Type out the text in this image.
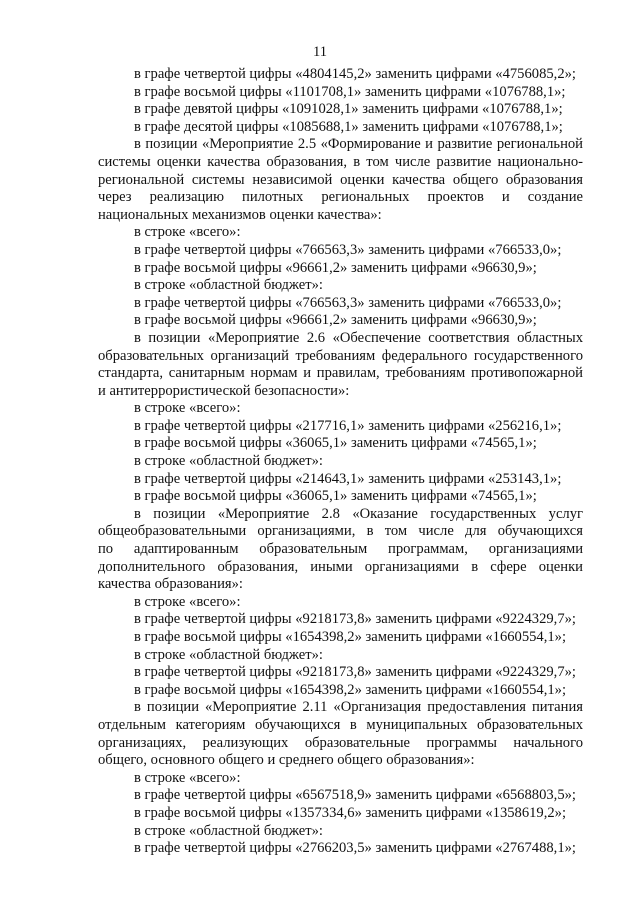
11
в графе четвертой цифры «4804145,2» заменить цифрами «4756085,2»;
в графе восьмой цифры «1101708,1» заменить цифрами «1076788,1»;
в графе девятой цифры «1091028,1» заменить цифрами «1076788,1»;
в графе десятой цифры «1085688,1» заменить цифрами «1076788,1»;
в позиции «Мероприятие 2.5 «Формирование и развитие региональной
системы оценки качества образования, в том числе развитие национально-
региональной системы независимой оценки качества общего образования
через реализацию пилотных региональных проектов и создание
национальных механизмов оценки качества»:
в строке «всего»:
в графе четвертой цифры «766563,3» заменить цифрами «766533,0»;
в графе восьмой цифры «96661,2» заменить цифрами «96630,9»;
в строке «областной бюджет»:
в графе четвертой цифры «766563,3» заменить цифрами «766533,0»;
в графе восьмой цифры «96661,2» заменить цифрами «96630,9»;
в позиции «Мероприятие 2.6 «Обеспечение соответствия областных
образовательных организаций требованиям федерального государственного
стандарта, санитарным нормам и правилам, требованиям противопожарной
и антитеррористической безопасности»:
в строке «всего»:
в графе четвертой цифры «217716,1» заменить цифрами «256216,1»;
в графе восьмой цифры «36065,1» заменить цифрами «74565,1»;
в строке «областной бюджет»:
в графе четвертой цифры «214643,1» заменить цифрами «253143,1»;
в графе восьмой цифры «36065,1» заменить цифрами «74565,1»;
в позиции «Мероприятие 2.8 «Оказание государственных услуг
общеобразовательными организациями, в том числе для обучающихся
по адаптированным образовательным программам, организациями
дополнительного образования, иными организациями в сфере оценки
качества образования»:
в строке «всего»:
в графе четвертой цифры «9218173,8» заменить цифрами «9224329,7»;
в графе восьмой цифры «1654398,2» заменить цифрами «1660554,1»;
в строке «областной бюджет»:
в графе четвертой цифры «9218173,8» заменить цифрами «9224329,7»;
в графе восьмой цифры «1654398,2» заменить цифрами «1660554,1»;
в позиции «Мероприятие 2.11 «Организация предоставления питания
отдельным категориям обучающихся в муниципальных образовательных
организациях, реализующих образовательные программы начального
общего, основного общего и среднего общего образования»:
в строке «всего»:
в графе четвертой цифры «6567518,9» заменить цифрами «6568803,5»;
в графе восьмой цифры «1357334,6» заменить цифрами «1358619,2»;
в строке «областной бюджет»:
в графе четвертой цифры «2766203,5» заменить цифрами «2767488,1»;
